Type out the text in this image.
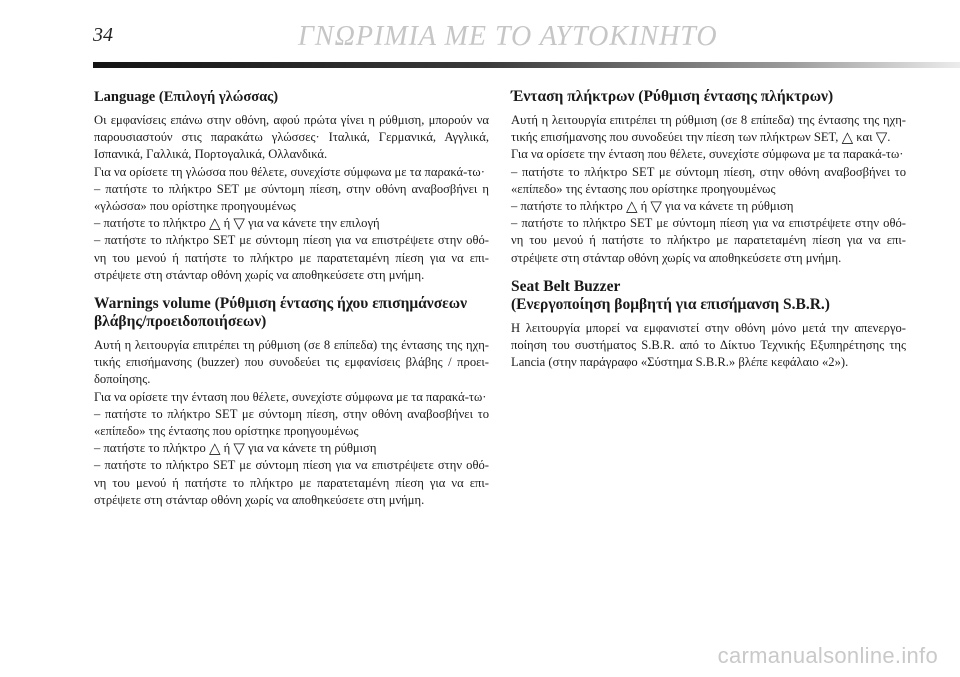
34	ΓΝΩΡΙΜΙΑ ΜΕ ΤΟ ΑΥΤΟΚΙΝΗΤΟ
Language (Επιλογή γλώσσας)

Οι εμφανίσεις επάνω στην οθόνη, αφού πρώτα γίνει η ρύθμιση, μπορούν να παρουσιαστούν στις παρακάτω γλώσσες· Ιταλικά, Γερμανικά, Αγγλικά, Ισπανικά, Γαλλικά, Πορτογαλικά, Ολλανδικά.

Για να ορίσετε τη γλώσσα που θέλετε, συνεχίστε σύμφωνα με τα παρακά-τω·

– πατήστε το πλήκτρο SET με σύντομη πίεση, στην οθόνη αναβοσβήνει η «γλώσσα» που ορίστηκε προηγουμένως

– πατήστε το πλήκτρο △ ή ▽ για να κάνετε την επιλογή

– πατήστε το πλήκτρο SET με σύντομη πίεση για να επιστρέψετε στην οθό-νη του μενού ή πατήστε το πλήκτρο με παρατεταμένη πίεση για να επι-στρέψετε στη στάνταρ οθόνη χωρίς να αποθηκεύσετε στη μνήμη.

Warnings volume (Ρύθμιση έντασης ήχου επισημάνσεων βλάβης/προειδοποιήσεων)

Αυτή η λειτουργία επιτρέπει τη ρύθμιση (σε 8 επίπεδα) της έντασης της ηχη-τικής επισήμανσης (buzzer) που συνοδεύει τις εμφανίσεις βλάβης / προει-δοποίησης.

Για να ορίσετε την ένταση που θέλετε, συνεχίστε σύμφωνα με τα παρακά-τω·

– πατήστε το πλήκτρο SET με σύντομη πίεση, στην οθόνη αναβοσβήνει το «επίπεδο» της έντασης που ορίστηκε προηγουμένως

– πατήστε το πλήκτρο △ ή ▽ για να κάνετε τη ρύθμιση

– πατήστε το πλήκτρο SET με σύντομη πίεση για να επιστρέψετε στην οθό-νη του μενού ή πατήστε το πλήκτρο με παρατεταμένη πίεση για να επι-στρέψετε στη στάνταρ οθόνη χωρίς να αποθηκεύσετε στη μνήμη.

Ένταση πλήκτρων (Ρύθμιση έντασης πλήκτρων)

Αυτή η λειτουργία επιτρέπει τη ρύθμιση (σε 8 επίπεδα) της έντασης της ηχη-τικής επισήμανσης που συνοδεύει την πίεση των πλήκτρων SET, △ και ▽.

Για να ορίσετε την ένταση που θέλετε, συνεχίστε σύμφωνα με τα παρακά-τω·

– πατήστε το πλήκτρο SET με σύντομη πίεση, στην οθόνη αναβοσβήνει το «επίπεδο» της έντασης που ορίστηκε προηγουμένως

– πατήστε το πλήκτρο △ ή ▽ για να κάνετε τη ρύθμιση

– πατήστε το πλήκτρο SET με σύντομη πίεση για να επιστρέψετε στην οθό-νη του μενού ή πατήστε το πλήκτρο με παρατεταμένη πίεση για να επι-στρέψετε στη στάνταρ οθόνη χωρίς να αποθηκεύσετε στη μνήμη.

Seat Belt Buzzer
(Ενεργοποίηση βομβητή για επισήμανση S.B.R.)

Η λειτουργία μπορεί να εμφανιστεί στην οθόνη μόνο μετά την απενεργο-ποίηση του συστήματος S.B.R. από το Δίκτυο Τεχνικής Εξυπηρέτησης της Lancia (στην παράγραφο «Σύστημα S.B.R.» βλέπε κεφάλαιο «2»).

carmanualsonline.info
